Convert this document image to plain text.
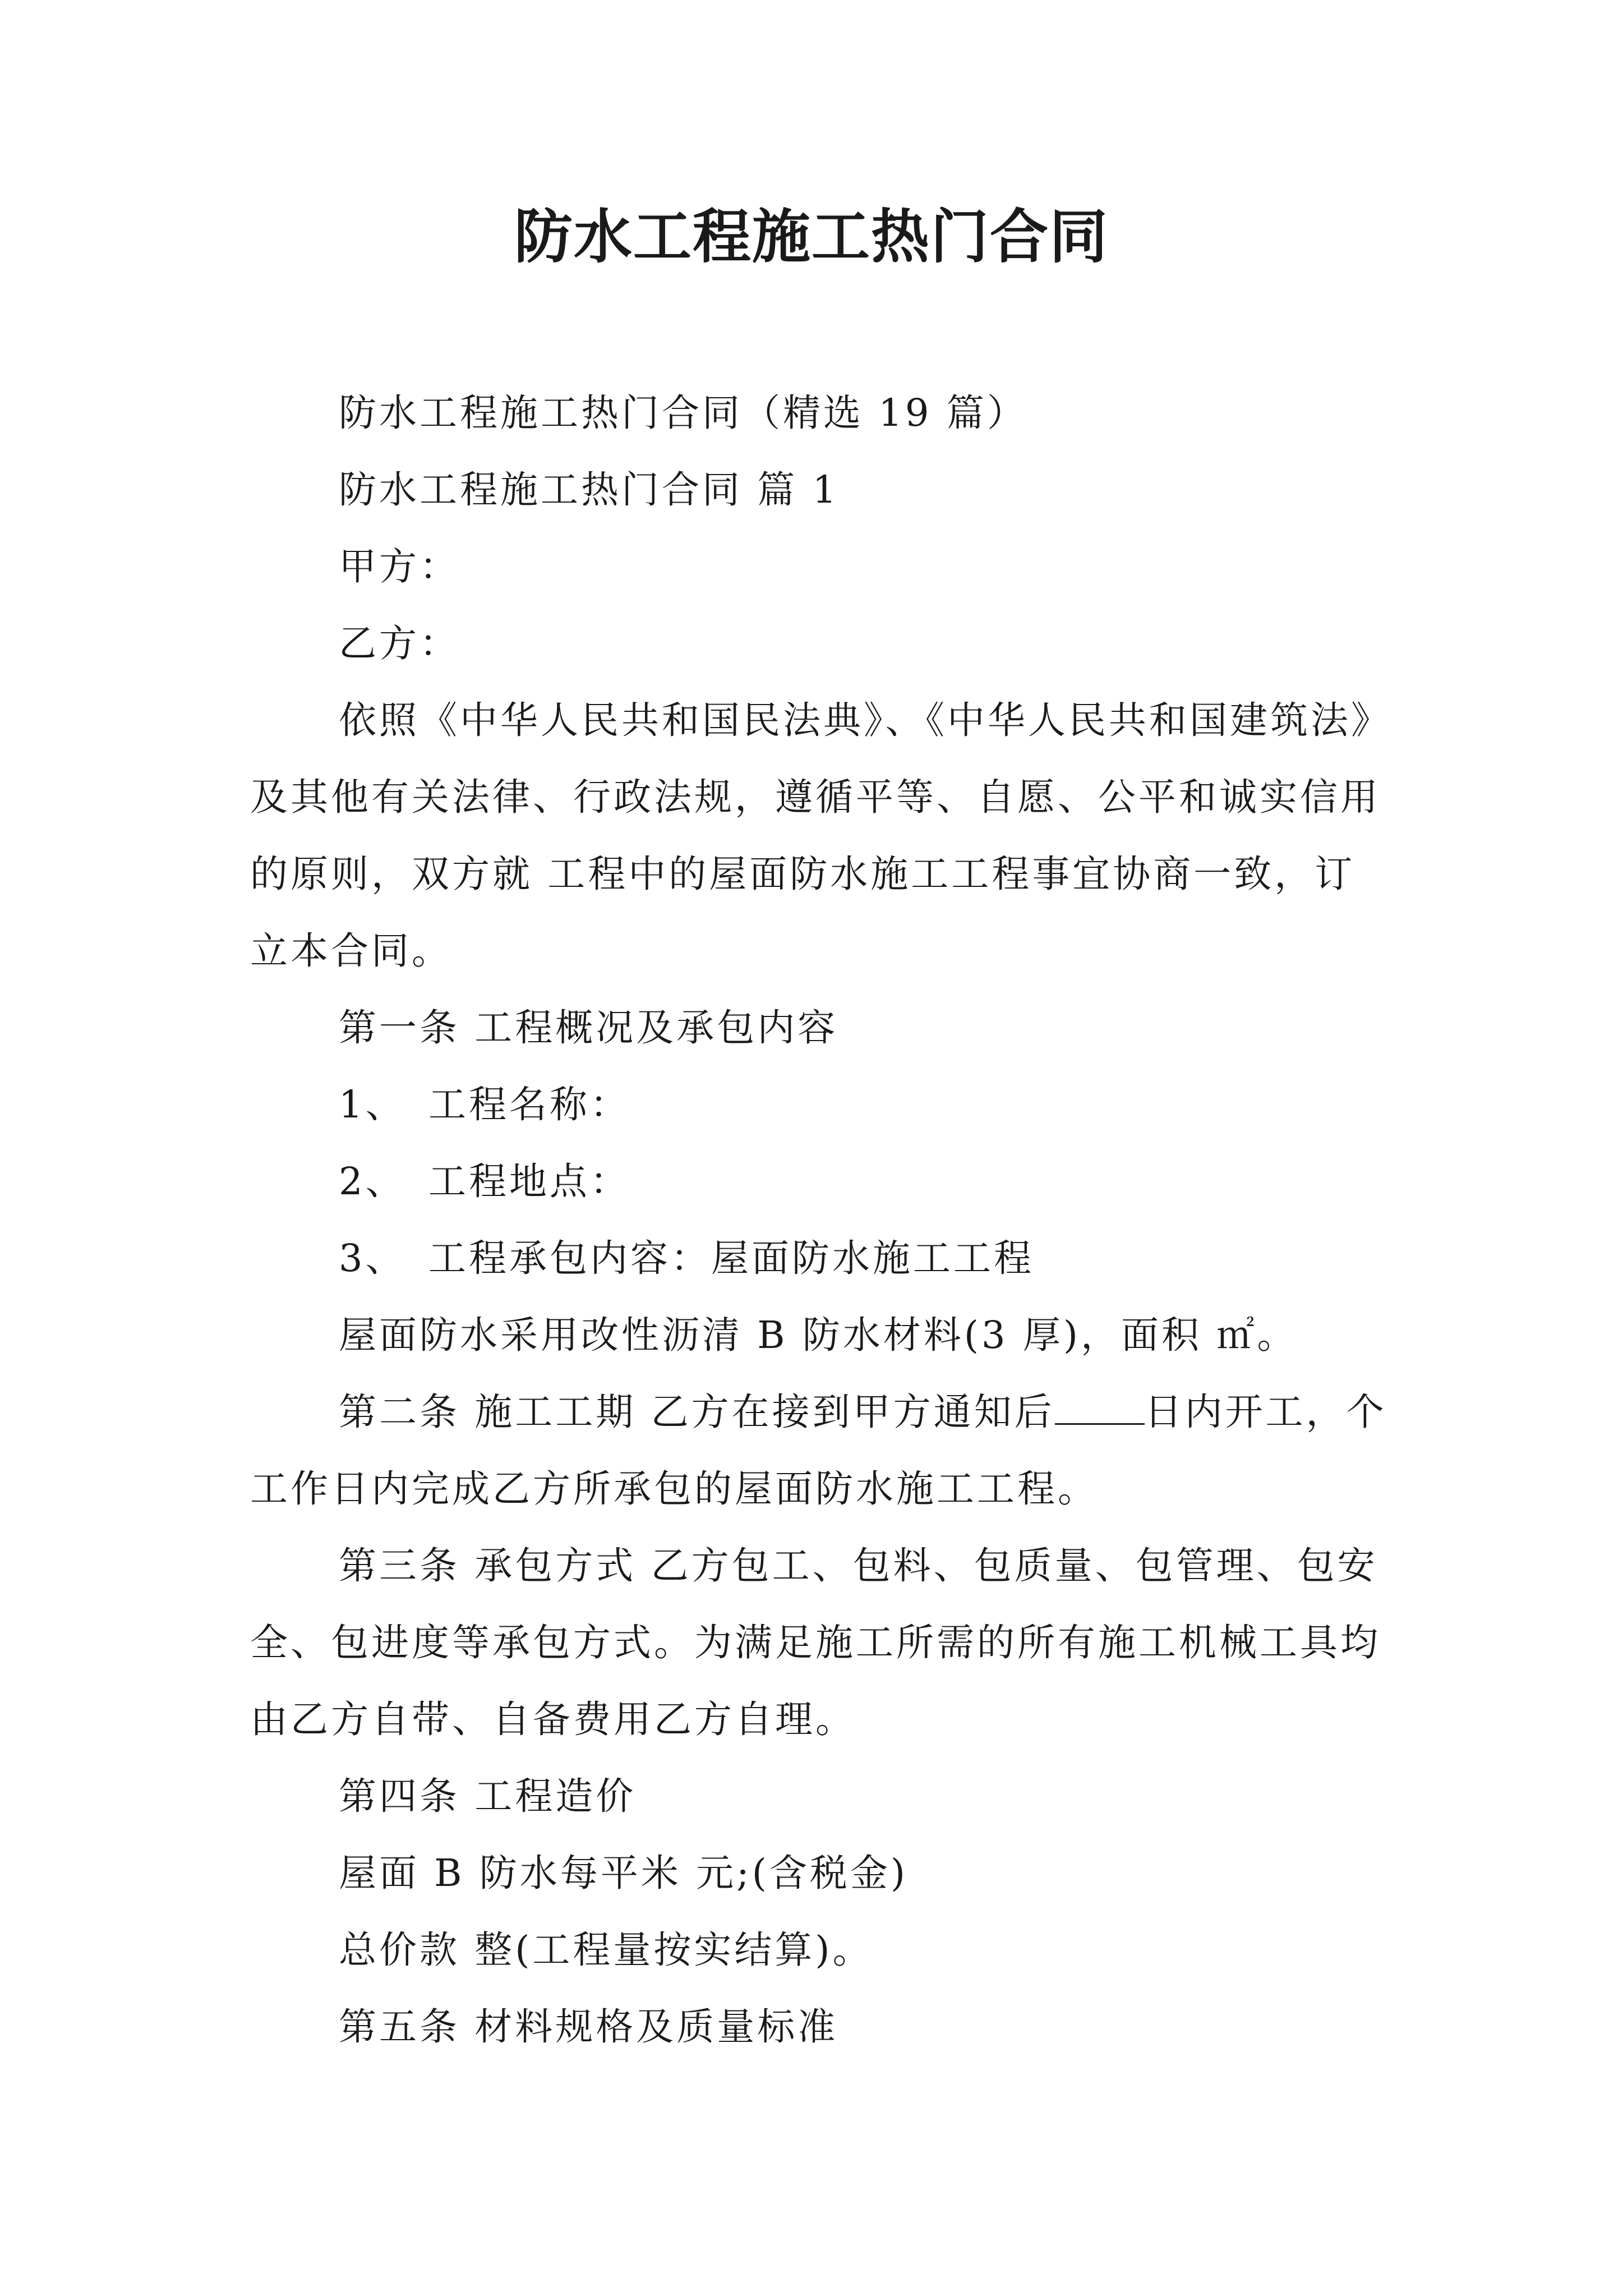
防水工程施工热门合同

防水工程施工热门合同（精选 19 篇）

防水工程施工热门合同 篇 1

甲方：

乙方：

依照《中华人民共和国民法典》、《中华人民共和国建筑法》及其他有关法律、行政法规，遵循平等、自愿、公平和诚实信用的原则，双方就 工程中的屋面防水施工工程事宜协商一致，订立本合同。

第一条 工程概况及承包内容

1、 工程名称：

2、 工程地点：

3、 工程承包内容：屋面防水施工工程

屋面防水采用改性沥清 B 防水材料(3 厚)，面积 ㎡。

第二条 施工工期 乙方在接到甲方通知后 日内开工，个工作日内完成乙方所承包的屋面防水施工工程。

第三条 承包方式 乙方包工、包料、包质量、包管理、包安全、包进度等承包方式。为满足施工所需的所有施工机械工具均由乙方自带、自备费用乙方自理。

第四条 工程造价

屋面 B 防水每平米 元;(含税金)

总价款 整(工程量按实结算)。

第五条 材料规格及质量标准
